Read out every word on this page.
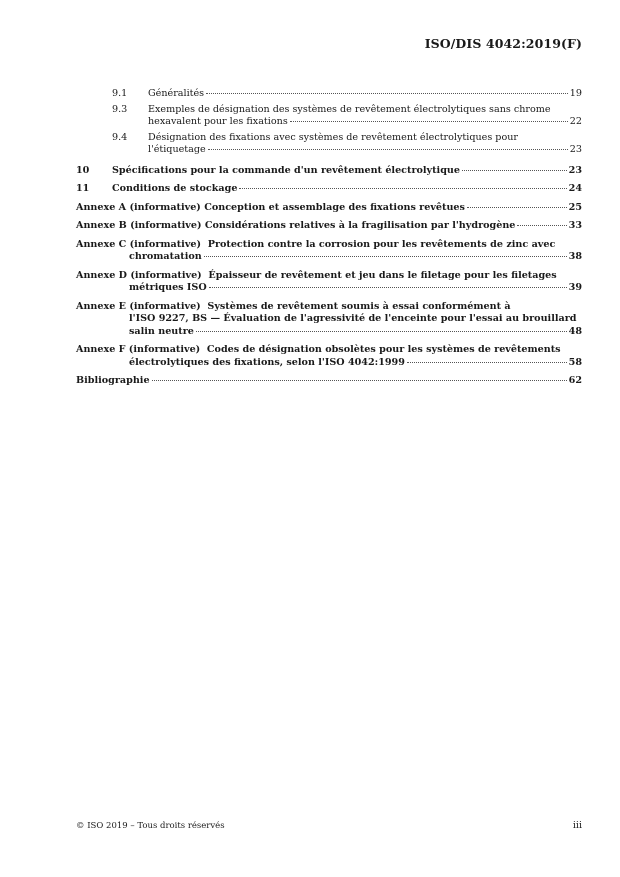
ISO/DIS 4042:2019(F)
9.1	Généralités	19
9.3	Exemples de désignation des systèmes de revêtement électrolytiques sans chrome
hexavalent pour les fixations	22
9.4	Désignation des fixations avec systèmes de revêtement électrolytiques pour
l'étiquetage	23
10	Spécifications pour la commande d'un revêtement électrolytique	23
11	Conditions de stockage	24
Annexe A (informative)
Conception et assemblage des fixations revêtues	25
Annexe B (informative)
Considérations relatives à la fragilisation par l'hydrogène	33
Annexe C (informative) Protection contre la corrosion pour les revêtements de zinc avec
chromatation	38
Annexe D (informative) Épaisseur de revêtement et jeu dans le filetage pour les filetages
métriques ISO	39
Annexe E (informative) Systèmes de revêtement soumis à essai conformément à
l'ISO 9227, BS — Évaluation de l'agressivité de l'enceinte pour l'essai au brouillard
salin neutre	48
Annexe F (informative) Codes de désignation obsolètes pour les systèmes de revêtements
électrolytiques des fixations, selon l'ISO 4042:1999	58
Bibliographie	62
© ISO 2019 – Tous droits réservés	iii
